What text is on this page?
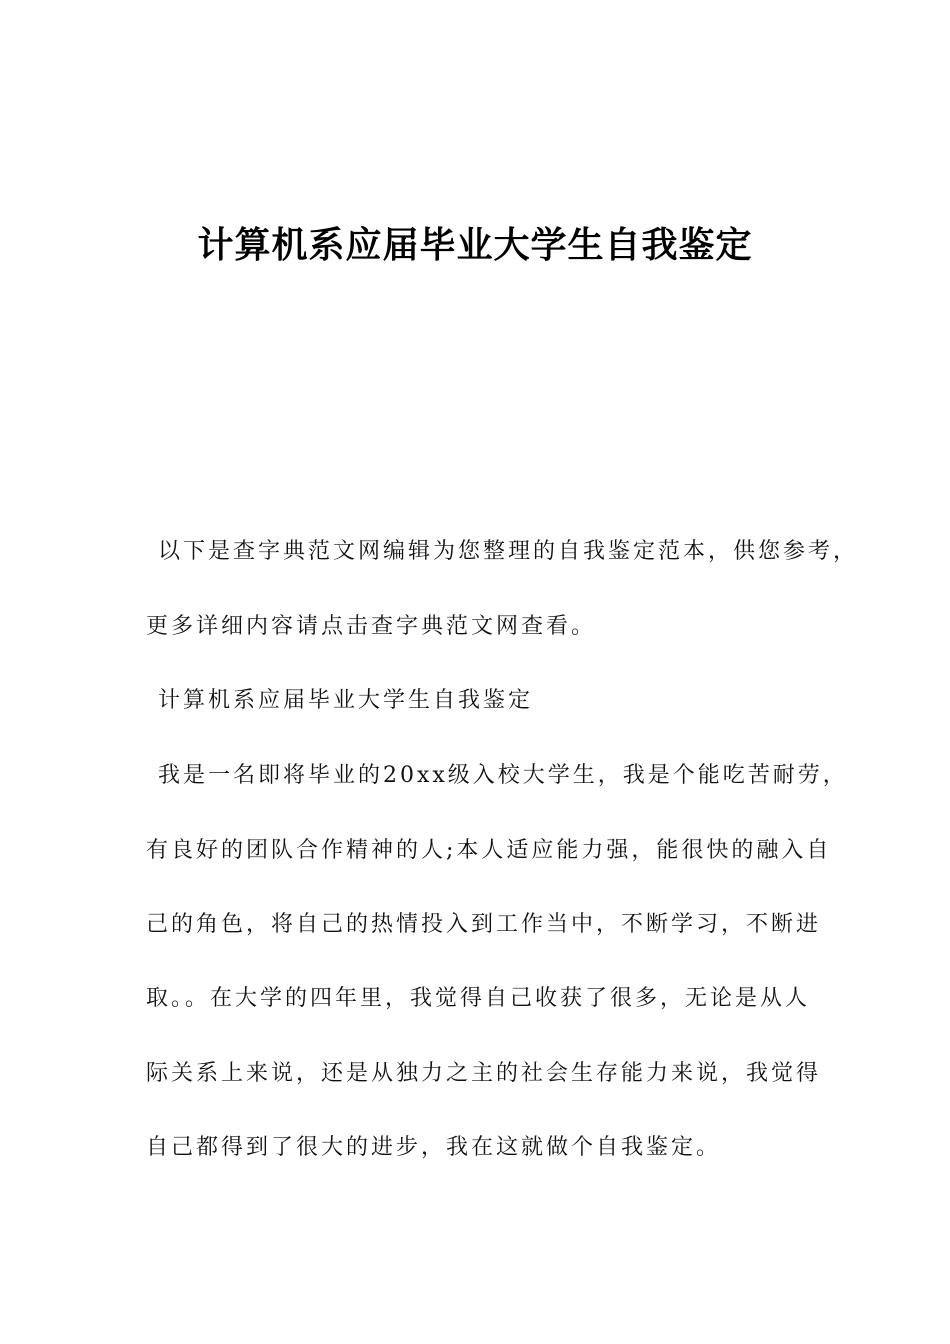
计算机系应届毕业大学生自我鉴定
以下是查字典范文网编辑为您整理的自我鉴定范本，供您参考，
更多详细内容请点击查字典范文网查看。
计算机系应届毕业大学生自我鉴定
我是一名即将毕业的20xx级入校大学生，我是个能吃苦耐劳，
有良好的团队合作精神的人;本人适应能力强，能很快的融入自
己的角色，将自己的热情投入到工作当中，不断学习，不断进
取。。在大学的四年里，我觉得自己收获了很多，无论是从人
际关系上来说，还是从独力之主的社会生存能力来说，我觉得
自己都得到了很大的进步，我在这就做个自我鉴定。
